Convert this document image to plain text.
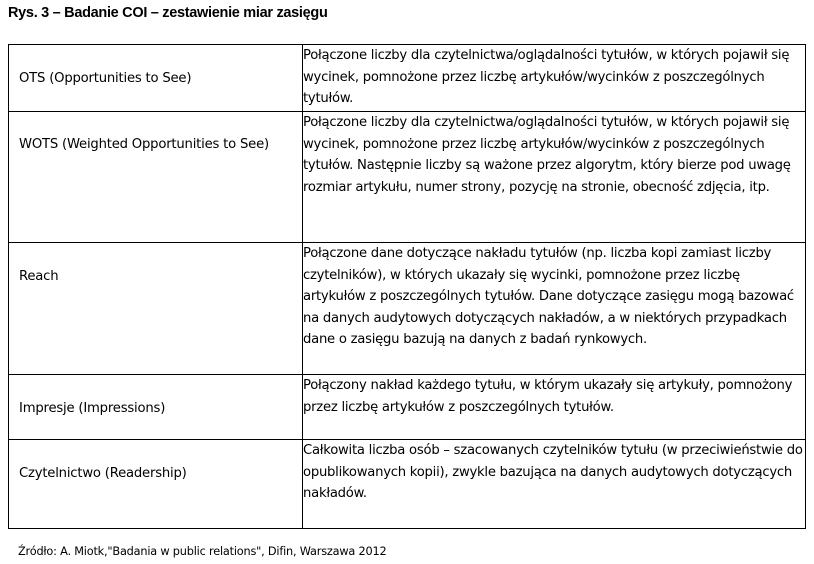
Rys. 3 – Badanie COI – zestawienie miar zasięgu
OTS (Opportunities to See)	Połączone liczby dla czytelnictwa/oglądalności tytułów, w których pojawił się wycinek, pomnożone przez liczbę artykułów/wycinków z poszczególnych tytułów.

WOTS (Weighted Opportunities to See)	Połączone liczby dla czytelnictwa/oglądalności tytułów, w których pojawił się wycinek, pomnożone przez liczbę artykułów/wycinków z poszczególnych tytułów. Następnie liczby są ważone przez algorytm, który bierze pod uwagę rozmiar artykułu, numer strony, pozycję na stronie, obecność zdjęcia, itp.

Reach	Połączone dane dotyczące nakładu tytułów (np. liczba kopi zamiast liczby czytelników), w których ukazały się wycinki, pomnożone przez liczbę artykułów z poszczególnych tytułów. Dane dotyczące zasięgu mogą bazować na danych audytowych dotyczących nakładów, a w niektórych przypadkach dane o zasięgu bazują na danych z badań rynkowych.

Impresje (Impressions)	Połączony nakład każdego tytułu, w którym ukazały się artykuły, pomnożony przez liczbę artykułów z poszczególnych tytułów.

Czytelnictwo (Readership)	Całkowita liczba osób – szacowanych czytelników tytułu (w przeciwieństwie do opublikowanych kopii), zwykle bazująca na danych audytowych dotyczących nakładów.
Źródło: A. Miotk,"Badania w public relations", Difin, Warszawa 2012
